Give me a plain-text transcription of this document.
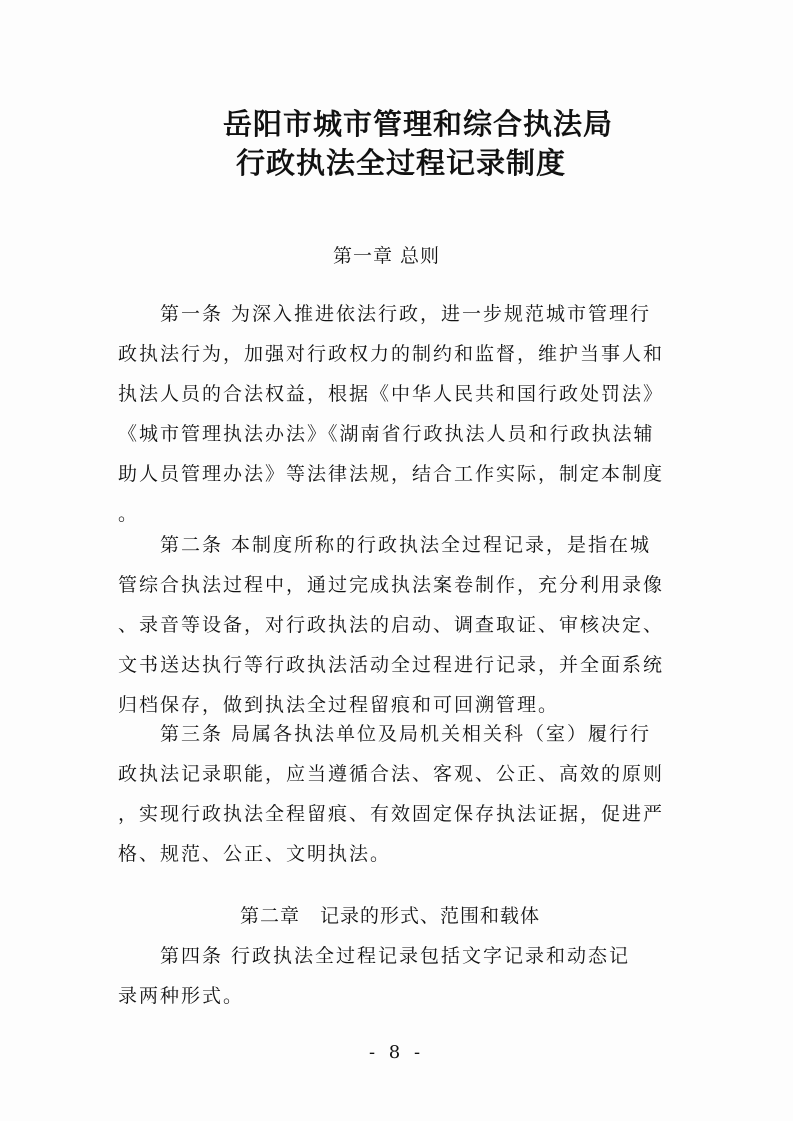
岳阳市城市管理和综合执法局
行政执法全过程记录制度
第一章 总则
第一条 为深入推进依法行政，进一步规范城市管理行
政执法行为，加强对行政权力的制约和监督，维护当事人和
执法人员的合法权益，根据《中华人民共和国行政处罚法》
《城市管理执法办法》《湖南省行政执法人员和行政执法辅
助人员管理办法》等法律法规，结合工作实际，制定本制度
。
第二条 本制度所称的行政执法全过程记录，是指在城
管综合执法过程中，通过完成执法案卷制作，充分利用录像
、录音等设备，对行政执法的启动、调查取证、审核决定、
文书送达执行等行政执法活动全过程进行记录，并全面系统
归档保存，做到执法全过程留痕和可回溯管理。
第三条 局属各执法单位及局机关相关科（室）履行行
政执法记录职能，应当遵循合法、客观、公正、高效的原则
，实现行政执法全程留痕、有效固定保存执法证据，促进严
格、规范、公正、文明执法。
第二章　记录的形式、范围和载体
第四条 行政执法全过程记录包括文字记录和动态记
录两种形式。
- 8 -
